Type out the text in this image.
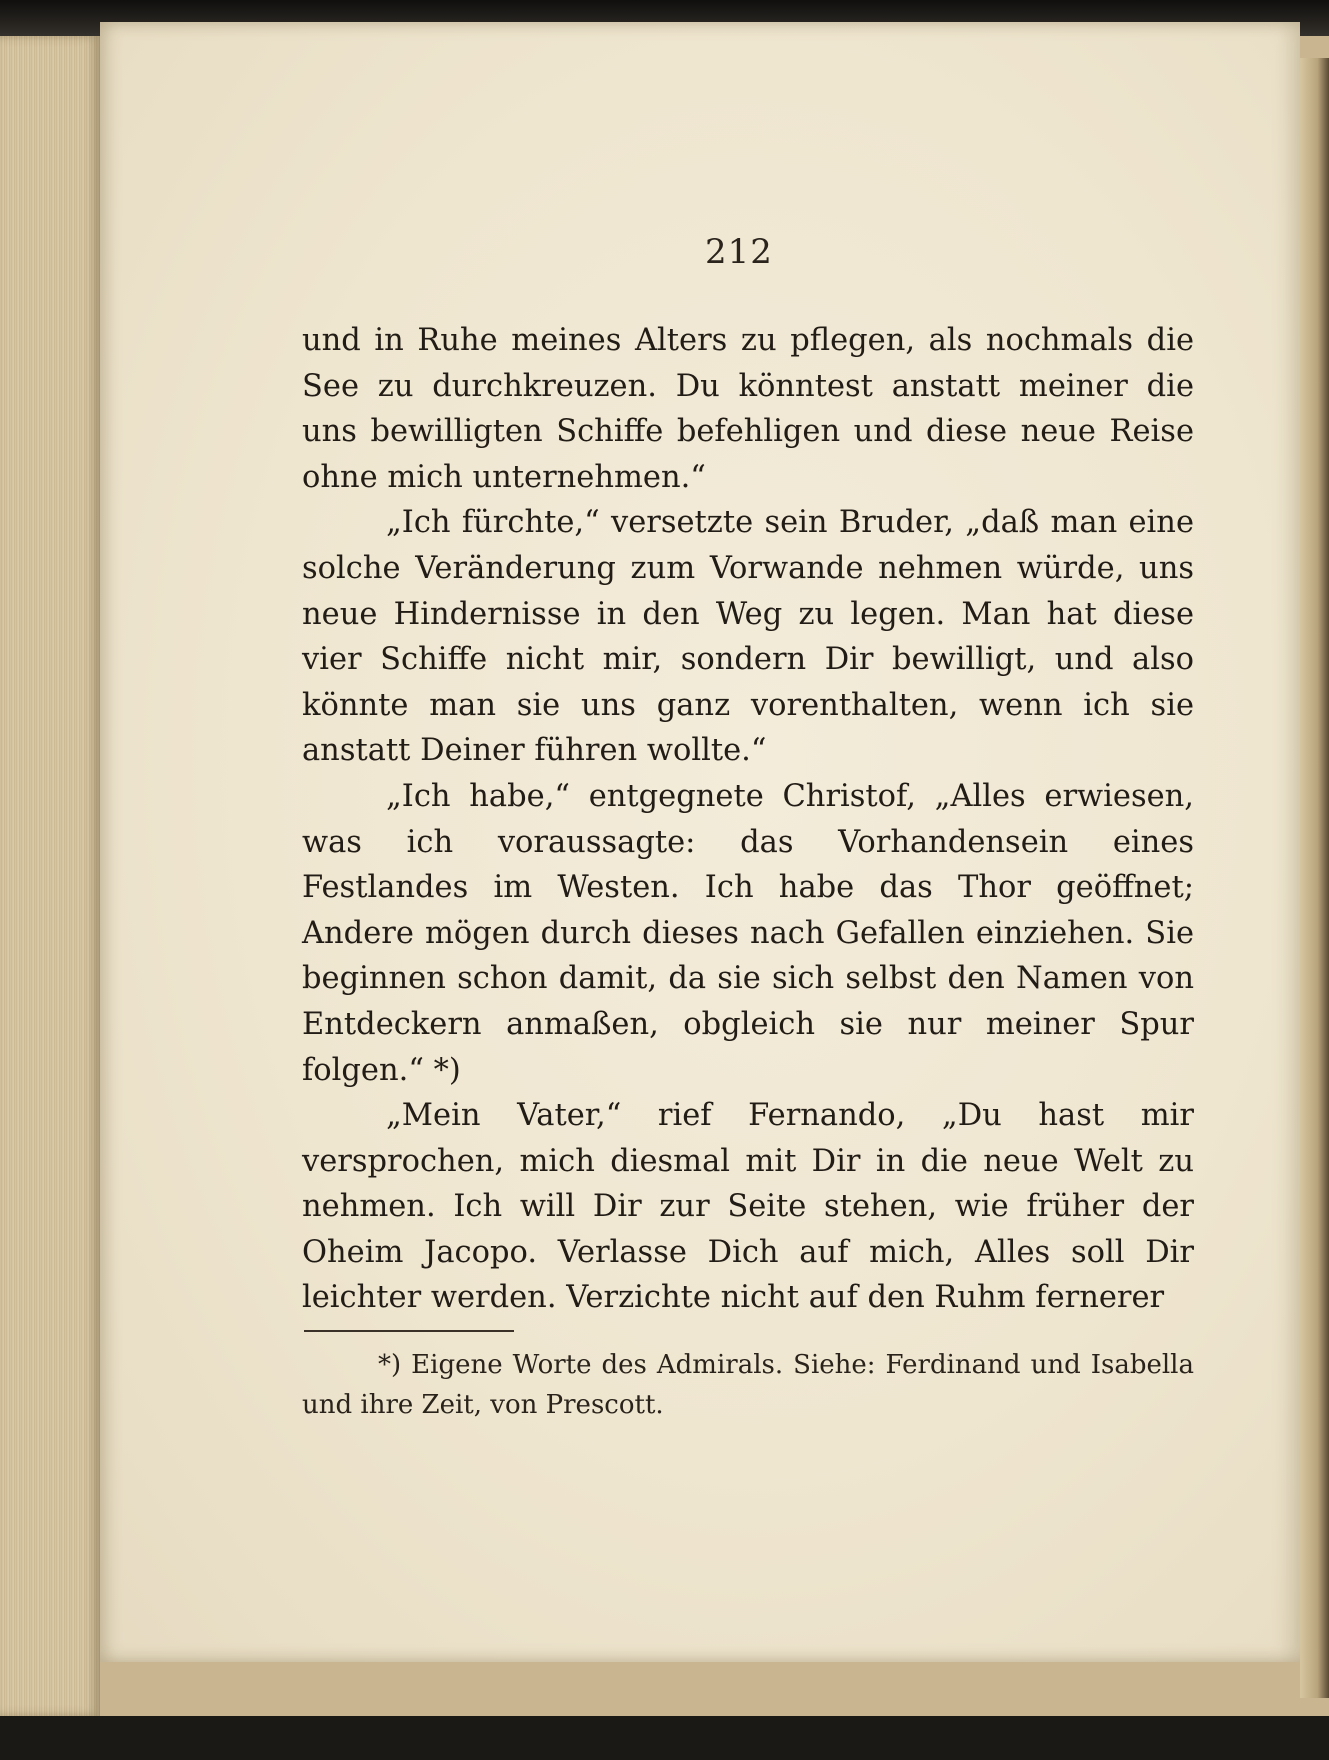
212

und in Ruhe meines Alters zu pflegen, als nochmals die See zu durchkreuzen. Du könntest anstatt meiner die uns bewilligten Schiffe befehligen und diese neue Reise ohne mich unternehmen.“

„Ich fürchte,“ versetzte sein Bruder, „daß man eine solche Veränderung zum Vorwande nehmen würde, uns neue Hindernisse in den Weg zu legen. Man hat diese vier Schiffe nicht mir, sondern Dir bewilligt, und also könnte man sie uns ganz vorenthalten, wenn ich sie anstatt Deiner führen wollte.“

„Ich habe,“ entgegnete Christof, „Alles erwiesen, was ich voraussagte: das Vorhandensein eines Festlandes im Westen. Ich habe das Thor geöffnet; Andere mögen durch dieses nach Gefallen einziehen. Sie beginnen schon damit, da sie sich selbst den Namen von Entdeckern anmaßen, obgleich sie nur meiner Spur folgen.“ *)

„Mein Vater,“ rief Fernando, „Du hast mir versprochen, mich diesmal mit Dir in die neue Welt zu nehmen. Ich will Dir zur Seite stehen, wie früher der Oheim Jacopo. Verlasse Dich auf mich, Alles soll Dir leichter werden. Verzichte nicht auf den Ruhm fernerer

*) Eigene Worte des Admirals. Siehe: Ferdinand und Isabella und ihre Zeit, von Prescott.
